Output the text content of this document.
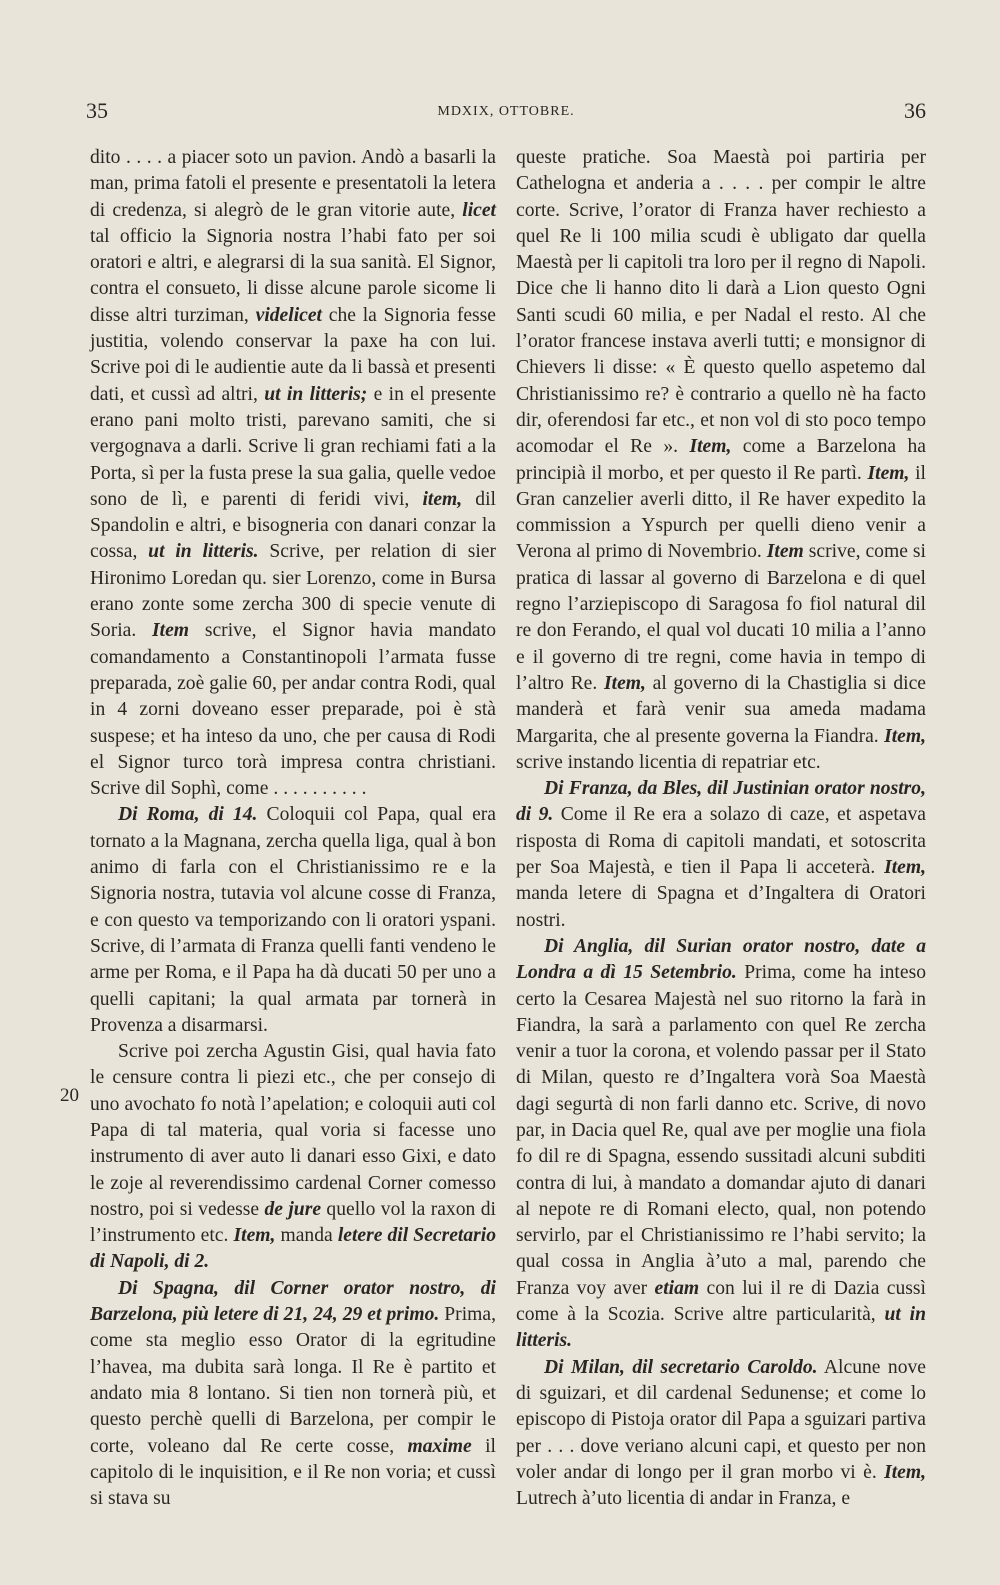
35	MDXIX, OTTOBRE.	36
20

dito . . . . a piacer soto un pavion. Andò a basarli la man, prima fatoli el presente e presentatoli la letera di credenza, si alegrò de le gran vitorie aute, licet tal officio la Signoria nostra l’habi fato per soi oratori e altri, e alegrarsi di la sua sanità. El Signor, contra el consueto, li disse alcune parole sicome li disse altri turziman, videlicet che la Signoria fesse justitia, volendo conservar la paxe ha con lui. Scrive poi di le audientie aute da li bassà et presenti dati, et cussì ad altri, ut in litteris; e in el presente erano pani molto tristi, parevano samiti, che si vergognava a darli. Scrive li gran rechiami fati a la Porta, sì per la fusta prese la sua galia, quelle vedoe sono de lì, e parenti di feridi vivi, item, dil Spandolin e altri, e bisogneria con danari conzar la cossa, ut in litteris. Scrive, per relation di sier Hironimo Loredan qu. sier Lorenzo, come in Bursa erano zonte some zercha 300 di specie venute di Soria. Item scrive, el Signor havia mandato comandamento a Constantinopoli l’armata fusse preparada, zoè galie 60, per andar contra Rodi, qual in 4 zorni doveano esser preparade, poi è stà suspese; et ha inteso da uno, che per causa di Rodi el Signor turco torà impresa contra christiani. Scrive dil Sophì, come . . . . . . . . . .

Di Roma, di 14. Coloquii col Papa, qual era tornato a la Magnana, zercha quella liga, qual à bon animo di farla con el Christianissimo re e la Signoria nostra, tutavia vol alcune cosse di Franza, e con questo va temporizando con li oratori yspani. Scrive, di l’armata di Franza quelli fanti vendeno le arme per Roma, e il Papa ha dà ducati 50 per uno a quelli capitani; la qual armata par tornerà in Provenza a disarmarsi.

Scrive poi zercha Agustin Gisi, qual havia fato le censure contra li piezi etc., che per consejo di uno avochato fo notà l’apelation; e coloquii auti col Papa di tal materia, qual voria si facesse uno instrumento di aver auto li danari esso Gixi, e dato le zoje al reverendissimo cardenal Corner comesso nostro, poi si vedesse de jure quello vol la raxon di l’instrumento etc. Item, manda letere dil Secretario di Napoli, di 2.

Di Spagna, dil Corner orator nostro, di Barzelona, più letere di 21, 24, 29 et primo. Prima, come sta meglio esso Orator di la egritudine l’havea, ma dubita sarà longa. Il Re è partito et andato mia 8 lontano. Si tien non tornerà più, et questo perchè quelli di Barzelona, per compir le corte, voleano dal Re certe cosse, maxime il capitolo di le inquisition, e il Re non voria; et cussì si stava su

queste pratiche. Soa Maestà poi partiria per Cathelogna et anderia a . . . . per compir le altre corte. Scrive, l’orator di Franza haver rechiesto a quel Re li 100 milia scudi è ubligato dar quella Maestà per li capitoli tra loro per il regno di Napoli. Dice che li hanno dito li darà a Lion questo Ogni Santi scudi 60 milia, e per Nadal el resto. Al che l’orator francese instava averli tutti; e monsignor di Chievers li disse: « È questo quello aspetemo dal Christianissimo re? è contrario a quello nè ha facto dir, oferendosi far etc., et non vol di sto poco tempo acomodar el Re ». Item, come a Barzelona ha principià il morbo, et per questo il Re partì. Item, il Gran canzelier averli ditto, il Re haver expedito la commission a Yspurch per quelli dieno venir a Verona al primo di Novembrio. Item scrive, come si pratica di lassar al governo di Barzelona e di quel regno l’arziepiscopo di Saragosa fo fiol natural dil re don Ferando, el qual vol ducati 10 milia a l’anno e il governo di tre regni, come havia in tempo di l’altro Re. Item, al governo di la Chastiglia si dice manderà et farà venir sua ameda madama Margarita, che al presente governa la Fiandra. Item, scrive instando licentia di repatriar etc.

Di Franza, da Bles, dil Justinian orator nostro, di 9. Come il Re era a solazo di caze, et aspetava risposta di Roma di capitoli mandati, et sotoscrita per Soa Majestà, e tien il Papa li acceterà. Item, manda letere di Spagna et d’Ingaltera di Oratori nostri.

Di Anglia, dil Surian orator nostro, date a Londra a dì 15 Setembrio. Prima, come ha inteso certo la Cesarea Majestà nel suo ritorno la farà in Fiandra, la sarà a parlamento con quel Re zercha venir a tuor la corona, et volendo passar per il Stato di Milan, questo re d’Ingaltera vorà Soa Maestà dagi segurtà di non farli danno etc. Scrive, di novo par, in Dacia quel Re, qual ave per moglie una fiola fo dil re di Spagna, essendo sussitadi alcuni subditi contra di lui, à mandato a domandar ajuto di danari al nepote re di Romani electo, qual, non potendo servirlo, par el Christianissimo re l’habi servito; la qual cossa in Anglia à’uto a mal, parendo che Franza voy aver etiam con lui il re di Dazia cussì come à la Scozia. Scrive altre particularità, ut in litteris.

Di Milan, dil secretario Caroldo. Alcune nove di sguizari, et dil cardenal Sedunense; et come lo episcopo di Pistoja orator dil Papa a sguizari partiva per . . . dove veriano alcuni capi, et questo per non voler andar di longo per il gran morbo vi è. Item, Lutrech à’uto licentia di andar in Franza, e
